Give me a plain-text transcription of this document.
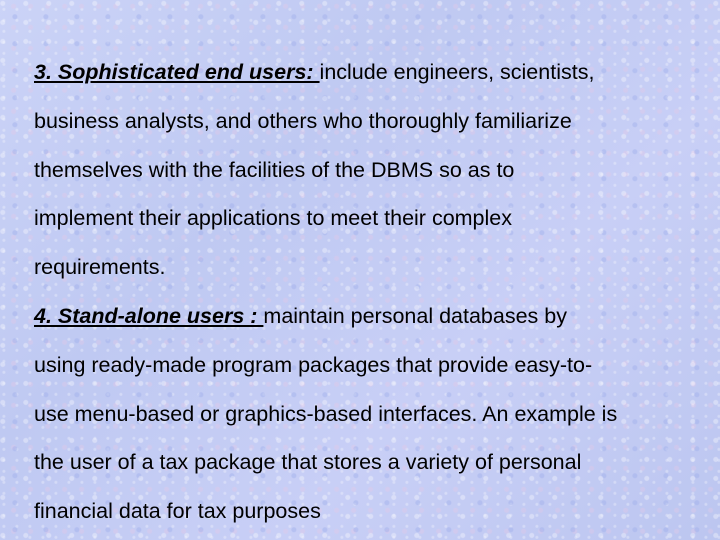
3. Sophisticated end users: include engineers, scientists,
business analysts, and others who thoroughly familiarize
themselves with the facilities of the DBMS so as to
implement their applications to meet their complex
requirements.
4. Stand-alone users : maintain personal databases by
using ready-made program packages that provide easy-to-
use menu-based or graphics-based interfaces. An example is
the user of a tax package that stores a variety of personal
financial data for tax purposes
